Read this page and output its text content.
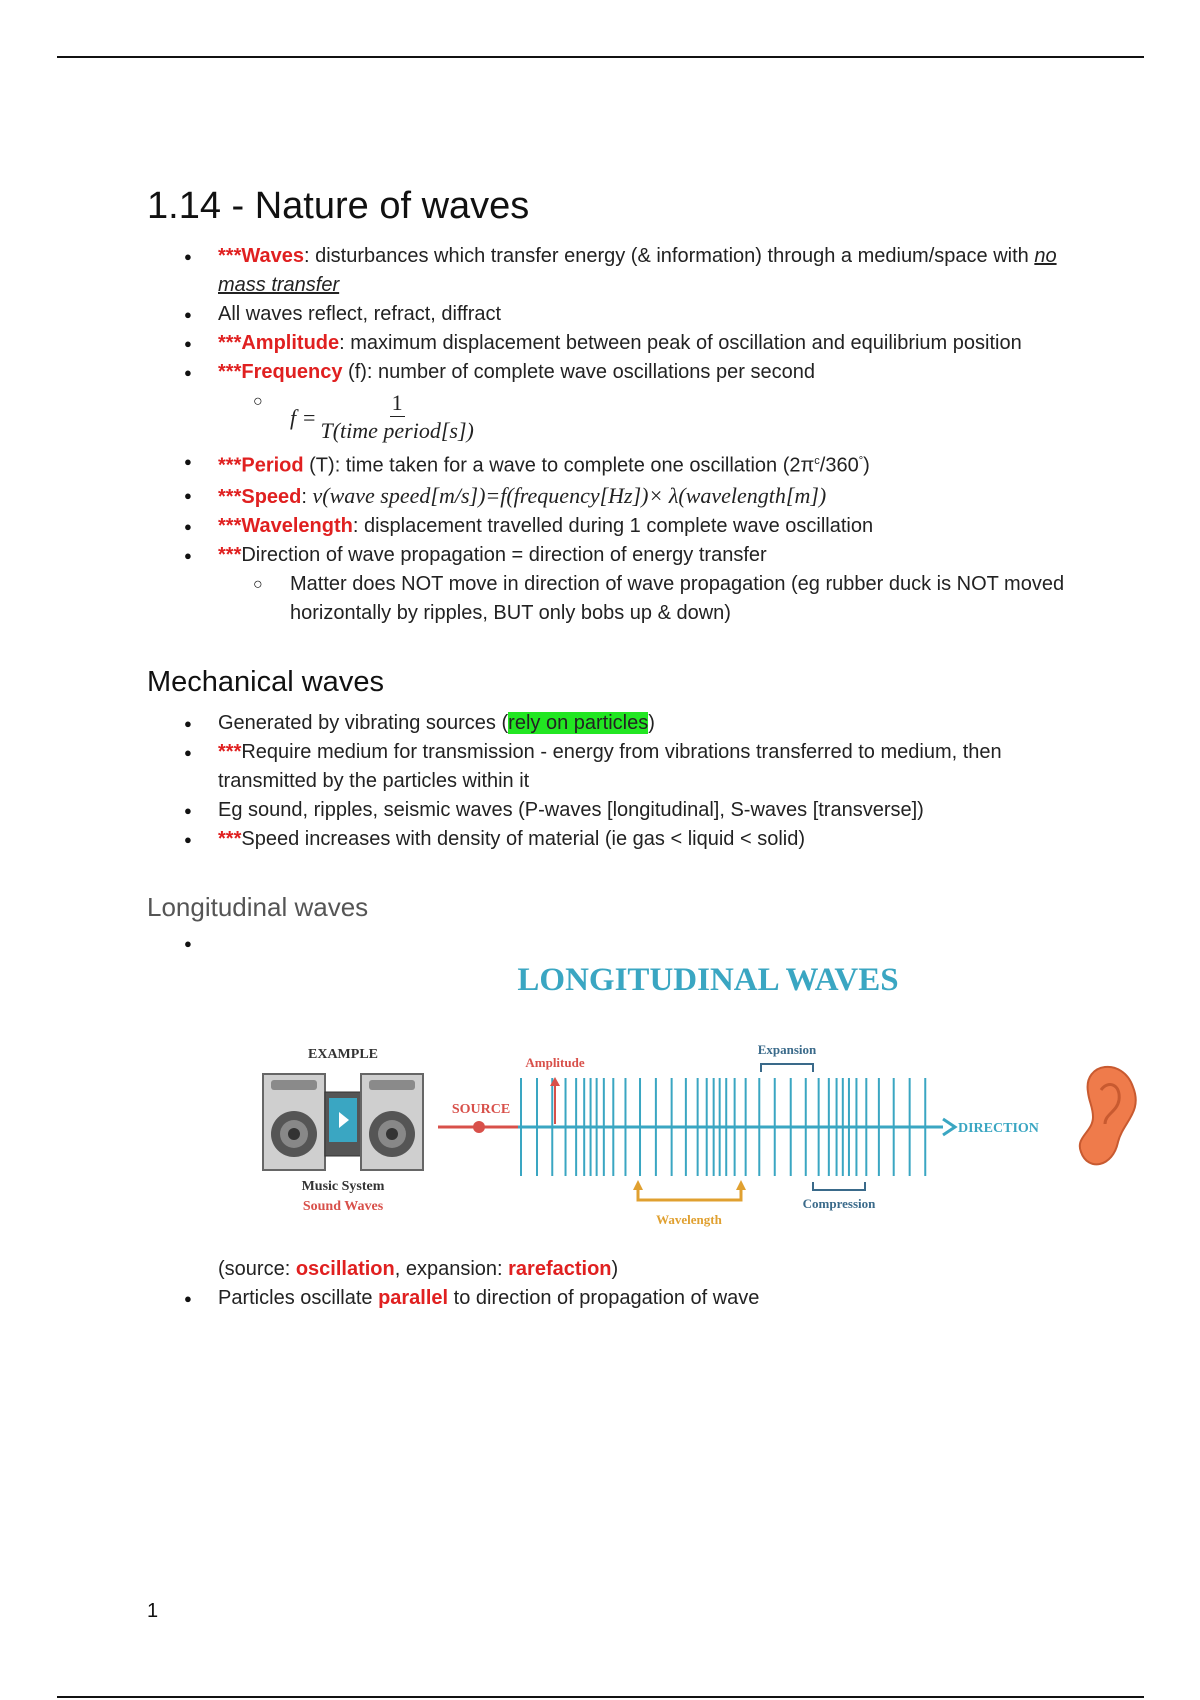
1.14 - Nature of waves
● ***Waves: disturbances which transfer energy (& information) through a medium/space with no mass transfer
● All waves reflect, refract, diffract
● ***Amplitude: maximum displacement between peak of oscillation and equilibrium position
● ***Frequency (f): number of complete wave oscillations per second
○ $f = \frac{1}{\text{T(time period[s])}}$
● ***Period (T): time taken for a wave to complete one oscillation $(2\pi^c/360^\circ)$
● ***Speed: v(wave speed[m/s])=f(frequency[Hz])× λ(wavelength[m])
● ***Wavelength: displacement travelled during 1 complete wave oscillation
● ***Direction of wave propagation = direction of energy transfer
○ Matter does NOT move in direction of wave propagation (eg rubber duck is NOT moved horizontally by ripples, BUT only bobs up & down)
Mechanical waves
● Generated by vibrating sources (rely on particles)
● ***Require medium for transmission - energy from vibrations transferred to medium, then transmitted by the particles within it
● Eg sound, ripples, seismic waves (P-waves [longitudinal], S-waves [transverse])
● ***Speed increases with density of material (ie gas < liquid < solid)
Longitudinal waves
● LONGITUDINAL WAVES
EXAMPLE
Music System
Sound Waves
SOURCE
DIRECTION
Amplitude
Expansion
Wavelength
Compression
(source: oscillation, expansion: rarefaction)
● Particles oscillate parallel to direction of propagation of wave
1
